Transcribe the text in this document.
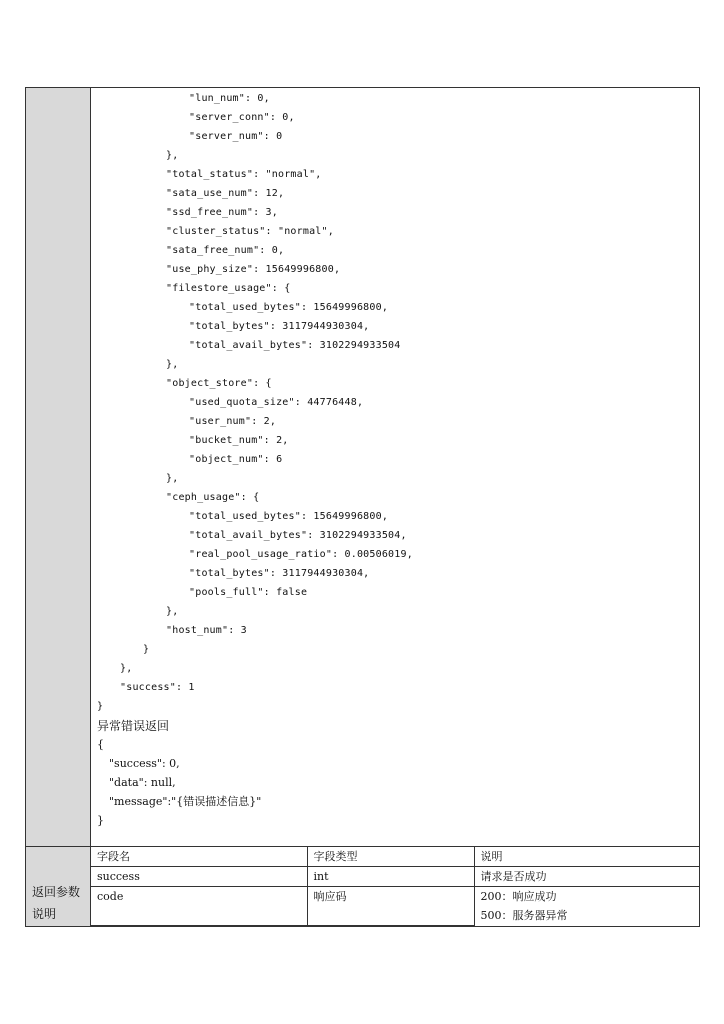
"lun_num": 0,
"server_conn": 0,
"server_num": 0
},
"total_status": "normal",
"sata_use_num": 12,
"ssd_free_num": 3,
"cluster_status": "normal",
"sata_free_num": 0,
"use_phy_size": 15649996800,
"filestore_usage": {
"total_used_bytes": 15649996800,
"total_bytes": 3117944930304,
"total_avail_bytes": 3102294933504
},
"object_store": {
"used_quota_size": 44776448,
"user_num": 2,
"bucket_num": 2,
"object_num": 6
},
"ceph_usage": {
"total_used_bytes": 15649996800,
"total_avail_bytes": 3102294933504,
"real_pool_usage_ratio": 0.00506019,
"total_bytes": 3117944930304,
"pools_full": false
},
"host_num": 3
}
},
"success": 1
}
异常错误返回
{
"success": 0,
"data": null,
"message":"{错误描述信息}"
}

返回参数
说明

字段名	字段类型	说明
success	int	请求是否成功
code	响应码	200：响应成功
500：服务器异常
